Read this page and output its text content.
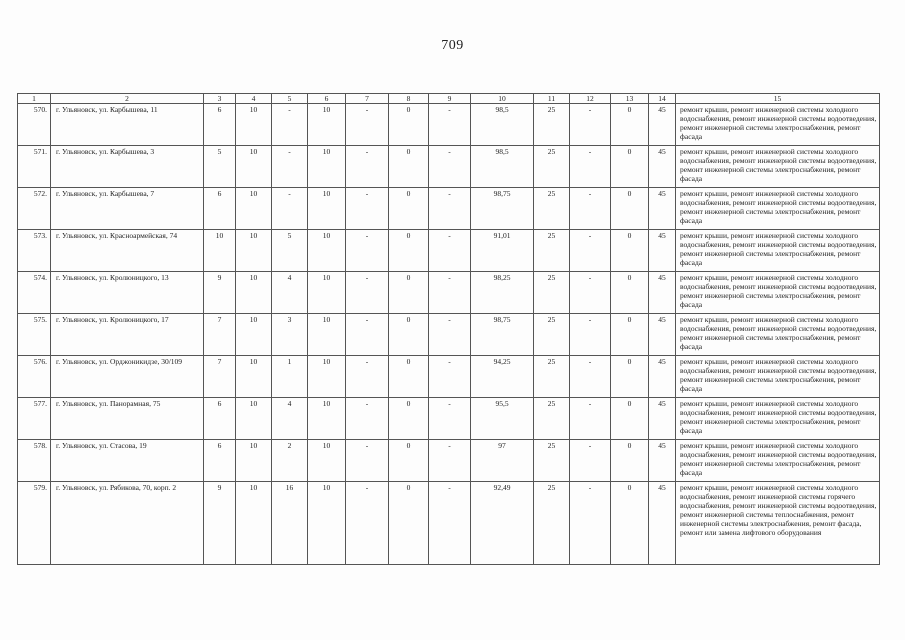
709
1	2	3	4	5	6	7	8	9	10	11	12	13	14	15
570.	г. Ульяновск, ул. Карбышева, 11	6	10	-	10	-	0	-	98,5	25	-	0	45	ремонт крыши, ремонт инженерной системы холодного водоснабжения, ремонт инженерной системы водоотведения, ремонт инженерной системы электроснабжения, ремонт фасада
571.	г. Ульяновск, ул. Карбышева, 3	5	10	-	10	-	0	-	98,5	25	-	0	45	ремонт крыши, ремонт инженерной системы холодного водоснабжения, ремонт инженерной системы водоотведения, ремонт инженерной системы электроснабжения, ремонт фасада
572.	г. Ульяновск, ул. Карбышева, 7	6	10	-	10	-	0	-	98,75	25	-	0	45	ремонт крыши, ремонт инженерной системы холодного водоснабжения, ремонт инженерной системы водоотведения, ремонт инженерной системы электроснабжения, ремонт фасада
573.	г. Ульяновск, ул. Красноармейская, 74	10	10	5	10	-	0	-	91,01	25	-	0	45	ремонт крыши, ремонт инженерной системы холодного водоснабжения, ремонт инженерной системы водоотведения, ремонт инженерной системы электроснабжения, ремонт фасада
574.	г. Ульяновск, ул. Кролюницкого, 13	9	10	4	10	-	0	-	98,25	25	-	0	45	ремонт крыши, ремонт инженерной системы холодного водоснабжения, ремонт инженерной системы водоотведения, ремонт инженерной системы электроснабжения, ремонт фасада
575.	г. Ульяновск, ул. Кролюницкого, 17	7	10	3	10	-	0	-	98,75	25	-	0	45	ремонт крыши, ремонт инженерной системы холодного водоснабжения, ремонт инженерной системы водоотведения, ремонт инженерной системы электроснабжения, ремонт фасада
576.	г. Ульяновск, ул. Орджоникидзе, 30/109	7	10	1	10	-	0	-	94,25	25	-	0	45	ремонт крыши, ремонт инженерной системы холодного водоснабжения, ремонт инженерной системы водоотведения, ремонт инженерной системы электроснабжения, ремонт фасада
577.	г. Ульяновск, ул. Панорамная, 75	6	10	4	10	-	0	-	95,5	25	-	0	45	ремонт крыши, ремонт инженерной системы холодного водоснабжения, ремонт инженерной системы водоотведения, ремонт инженерной системы электроснабжения, ремонт фасада
578.	г. Ульяновск, ул. Стасова, 19	6	10	2	10	-	0	-	97	25	-	0	45	ремонт крыши, ремонт инженерной системы холодного водоснабжения, ремонт инженерной системы водоотведения, ремонт инженерной системы электроснабжения, ремонт фасада
579.	г. Ульяновск, ул. Рябикова, 70, корп. 2	9	10	16	10	-	0	-	92,49	25	-	0	45	ремонт крыши, ремонт инженерной системы холодного водоснабжения, ремонт инженерной системы горячего водоснабжения, ремонт инженерной системы водоотведения, ремонт инженерной системы теплоснабжения, ремонт инженерной системы электроснабжения, ремонт фасада, ремонт или замена лифтового оборудования
